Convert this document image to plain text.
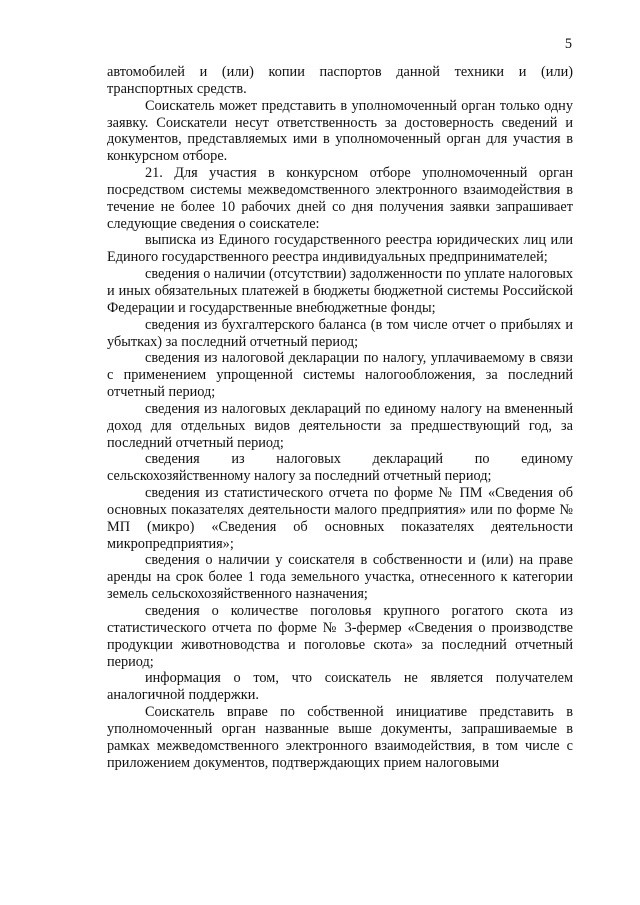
5

автомобилей и (или) копии паспортов данной техники и (или) транспортных средств.

Соискатель может представить в уполномоченный орган только одну заявку. Соискатели несут ответственность за достоверность сведений и документов, представляемых ими в уполномоченный орган для участия в конкурсном отборе.

21. Для участия в конкурсном отборе уполномоченный орган посредством системы межведомственного электронного взаимодействия в течение не более 10 рабочих дней со дня получения заявки запрашивает следующие сведения о соискателе:

выписка из Единого государственного реестра юридических лиц или Единого государственного реестра индивидуальных предпринимателей;

сведения о наличии (отсутствии) задолженности по уплате налоговых и иных обязательных платежей в бюджеты бюджетной системы Российской Федерации и государственные внебюджетные фонды;

сведения из бухгалтерского баланса (в том числе отчет о прибылях и убытках) за последний отчетный период;

сведения из налоговой декларации по налогу, уплачиваемому в связи с применением упрощенной системы налогообложения, за последний отчетный период;

сведения из налоговых деклараций по единому налогу на вмененный доход для отдельных видов деятельности за предшествующий год, за последний отчетный период;

сведения из налоговых деклараций по единому сельскохозяйственному налогу за последний отчетный период;

сведения из статистического отчета по форме № ПМ «Сведения об основных показателях деятельности малого предприятия» или по форме № МП (микро) «Сведения об основных показателях деятельности микропредприятия»;

сведения о наличии у соискателя в собственности и (или) на праве аренды на срок более 1 года земельного участка, отнесенного к категории земель сельскохозяйственного назначения;

сведения о количестве поголовья крупного рогатого скота из статистического отчета по форме № 3-фермер «Сведения о производстве продукции животноводства и поголовье скота» за последний отчетный период;

информация о том, что соискатель не является получателем аналогичной поддержки.

Соискатель вправе по собственной инициативе представить в уполномоченный орган названные выше документы, запрашиваемые в рамках межведомственного электронного взаимодействия, в том числе с приложением документов, подтверждающих прием налоговыми
